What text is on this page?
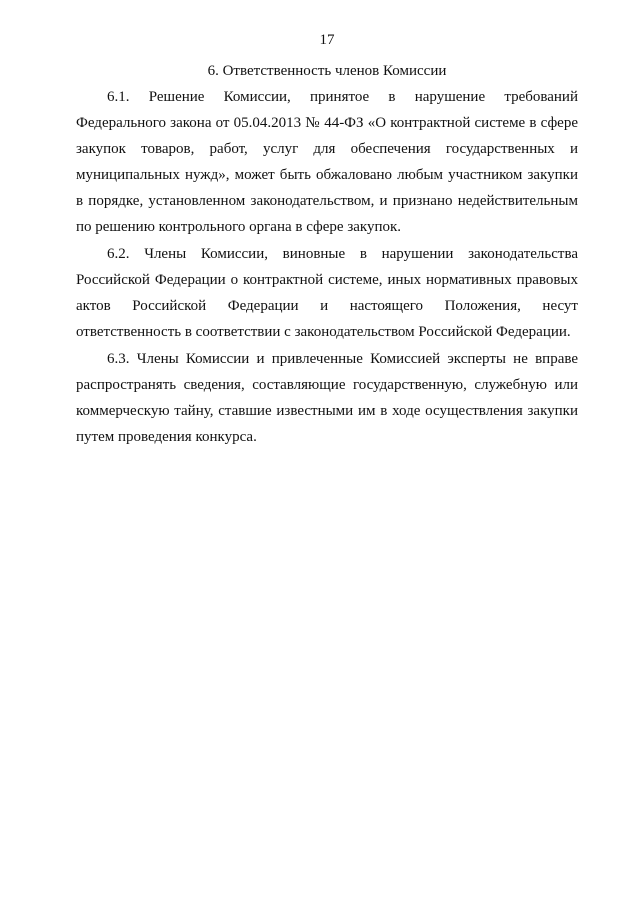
17
6. Ответственность членов Комиссии
6.1. Решение Комиссии, принятое в нарушение требований
Федерального закона от 05.04.2013 № 44-ФЗ «О контрактной системе в сфере
закупок товаров, работ, услуг для обеспечения государственных и
муниципальных нужд», может быть обжаловано любым участником закупки
в порядке, установленном законодательством, и признано недействительным
по решению контрольного органа в сфере закупок.
6.2. Члены Комиссии, виновные в нарушении законодательства
Российской Федерации о контрактной системе, иных нормативных правовых
актов Российской Федерации и настоящего Положения, несут
ответственность в соответствии с законодательством Российской Федерации.
6.3. Члены Комиссии и привлеченные Комиссией эксперты не вправе
распространять сведения, составляющие государственную, служебную или
коммерческую тайну, ставшие известными им в ходе осуществления закупки
путем проведения конкурса.
